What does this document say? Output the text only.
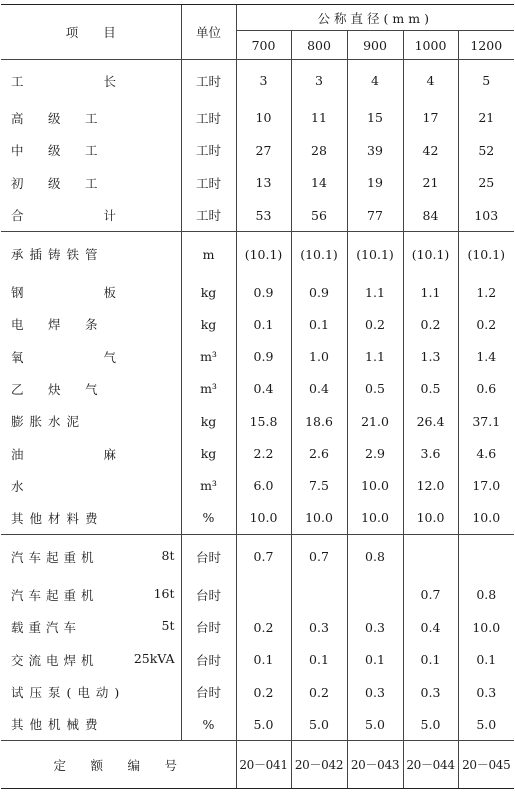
项　　目	单位	公称直径(mm)				
		700	800	900	1000	1200
工　　　　长	工时	3	3	4	4	5
高　级　工	工时	10	11	15	17	21
中　级　工	工时	27	28	39	42	52
初　级　工	工时	13	14	19	21	25
合　　　　计	工时	53	56	77	84	103
承插铸铁管	m	(10.1)	(10.1)	(10.1)	(10.1)	(10.1)
钢　　　　板	kg	0.9	0.9	1.1	1.1	1.2
电　焊　条	kg	0.1	0.1	0.2	0.2	0.2
氧　　　　气	m³	0.9	1.0	1.1	1.3	1.4
乙　炔　气	m³	0.4	0.4	0.5	0.5	0.6
膨胀水泥	kg	15.8	18.6	21.0	26.4	37.1
油　　　　麻	kg	2.2	2.6	2.9	3.6	4.6
水	m³	6.0	7.5	10.0	12.0	17.0
其他材料费	%	10.0	10.0	10.0	10.0	10.0

汽车起重机 8t	台时	0.7	0.7	0.8		

汽车起重机 16t	台时				0.7	0.8

载重汽车 5t	台时	0.2	0.3	0.3	0.4	10.0

交流电焊机 25kVA	台时	0.1	0.1	0.1	0.1	0.1
试压泵(电动)	台时	0.2	0.2	0.3	0.3	0.3
其他机械费	%	5.0	5.0	5.0	5.0	5.0
定　额　编　号		20－041	20－042	20－043	20－044	20－045
